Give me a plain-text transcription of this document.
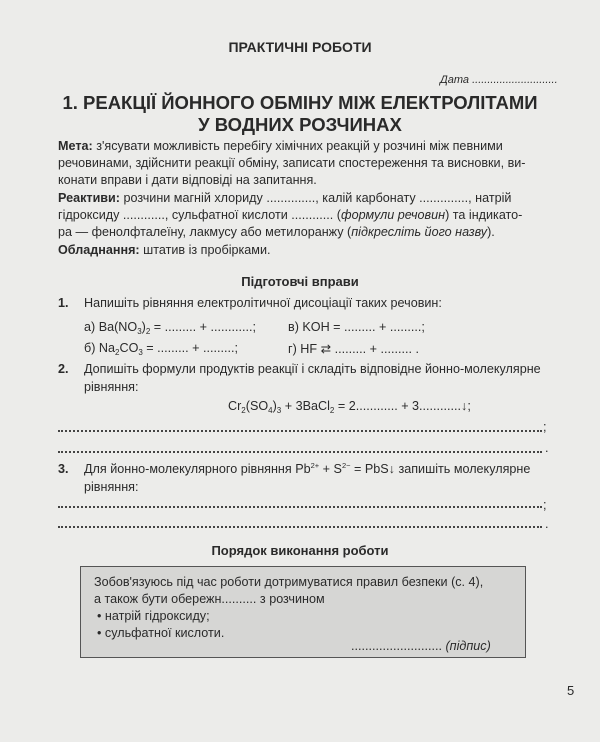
ПРАКТИЧНІ РОБОТИ
Дата ............................
1. РЕАКЦІЇ ЙОННОГО ОБМІНУ МІЖ ЕЛЕКТРОЛІТАМИ
У ВОДНИХ РОЗЧИНАХ
Мета: з'ясувати можливість перебігу хімічних реакцій у розчині між певними
речовинами, здійснити реакції обміну, записати спостереження та висновки, ви-
конати вправи і дати відповіді на запитання.
Реактиви: розчини магній хлориду .............., калій карбонату .............., натрій
гідроксиду ............, сульфатної кислоти ............ (формули речовин) та індикато-
ра — фенолфталеїну, лакмусу або метилоранжу (підкресліть його назву).
Обладнання: штатив із пробірками.
Підготовчі вправи
1. Напишіть рівняння електролітичної дисоціації таких речовин:
а) $Ba(NO_3)_2$ = ......... + ............;	в) KOH = ......... + .........;
б) $Na_2CO_3$ = ......... + .........;	г) HF ⇄ ......... + ......... .
2. Допишіть формули продуктів реакції і складіть відповідне йонно-молекулярне
рівняння:
$Cr_2(SO_4)_3$ + 3BaCl$_2$ = 2............ + 3............↓;
;
.
3. Для йонно-молекулярного рівняння $Pb^{2+} + S^{2-}$ = PbS↓ запишіть молекулярне
рівняння:
;
.
Порядок виконання роботи
Зобов'язуюсь під час роботи дотримуватися правил безпеки (с. 4),
а також бути обережн.......... з розчином
• натрій гідроксиду;
• сульфатної кислоти.
.......................... (підпис)
5
